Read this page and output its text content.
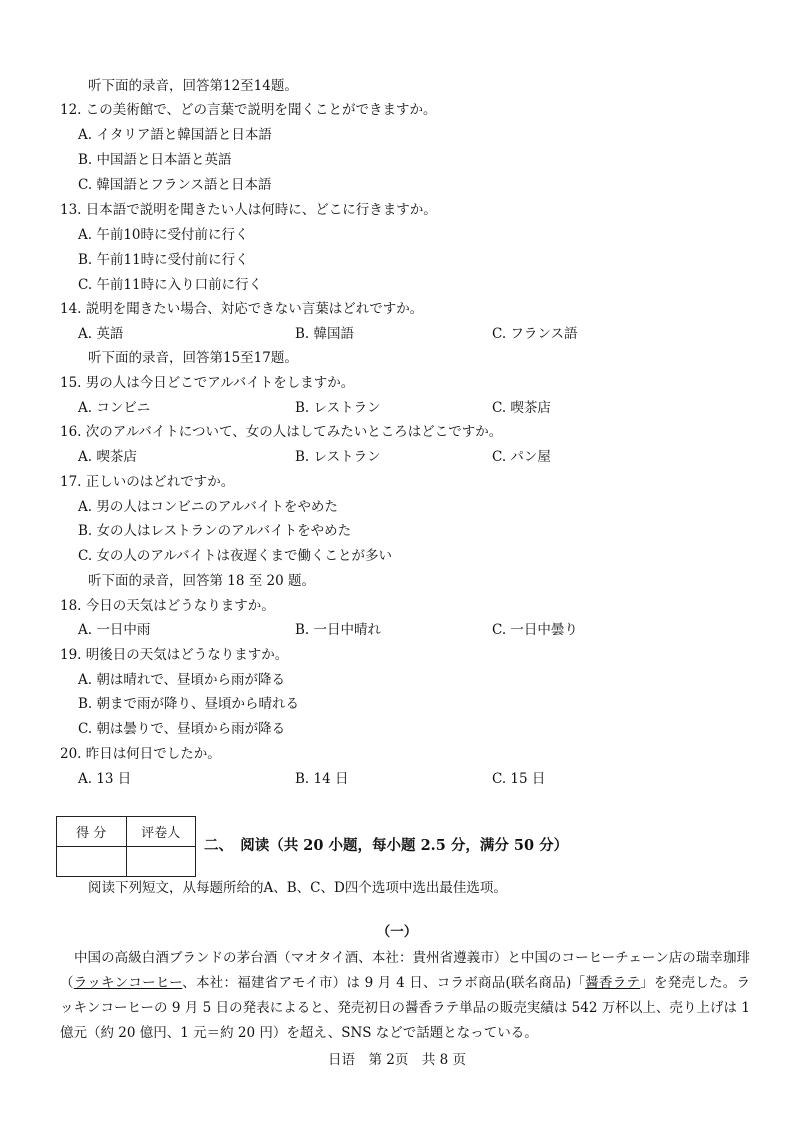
听下面的录音，回答第12至14题。
12. この美術館で、どの言葉で説明を聞くことができますか。
A. イタリア語と韓国語と日本語
B. 中国語と日本語と英語
C. 韓国語とフランス語と日本語
13. 日本語で説明を聞きたい人は何時に、どこに行きますか。
A. 午前10時に受付前に行く
B. 午前11時に受付前に行く
C. 午前11時に入り口前に行く
14. 説明を聞きたい場合、対応できない言葉はどれですか。
A. 英語	B. 韓国語	C. フランス語
听下面的录音，回答第15至17题。
15. 男の人は今日どこでアルバイトをしますか。
A. コンビニ	B. レストラン	C. 喫茶店
16. 次のアルバイトについて、女の人はしてみたいところはどこですか。
A. 喫茶店	B. レストラン	C. パン屋
17. 正しいのはどれですか。
A. 男の人はコンビニのアルバイトをやめた
B. 女の人はレストランのアルバイトをやめた
C. 女の人のアルバイトは夜遅くまで働くことが多い
听下面的录音，回答第 18 至 20 题。
18. 今日の天気はどうなりますか。
A. 一日中雨	B. 一日中晴れ	C. 一日中曇り
19. 明後日の天気はどうなりますか。
A. 朝は晴れで、昼頃から雨が降る
B. 朝まで雨が降り、昼頃から晴れる
C. 朝は曇りで、昼頃から雨が降る
20. 昨日は何日でしたか。
A. 13 日	B. 14 日	C. 15 日
得 分	评卷人

二、　阅读（共 20 小题，每小题 2.5 分，满分 50 分）
阅读下列短文，从每题所给的A、B、C、D四个选项中选出最佳选项。
（一）
中国の高級白酒ブランドの茅台酒（マオタイ酒、本社：貴州省遵義市）と中国のコーヒーチェーン店の瑞幸珈琲（ラッキンコーヒー、本社：福建省アモイ市）は 9 月 4 日、コラボ商品(联名商品)「醤香ラテ」を発売した。ラッキンコーヒーの 9 月 5 日の発表によると、発売初日の醤香ラテ単品の販売実績は 542 万杯以上、売り上げは 1 億元（約 20 億円、1 元＝約 20 円）を超え、SNS などで話題となっている。
日语　第 2页　共 8 页
